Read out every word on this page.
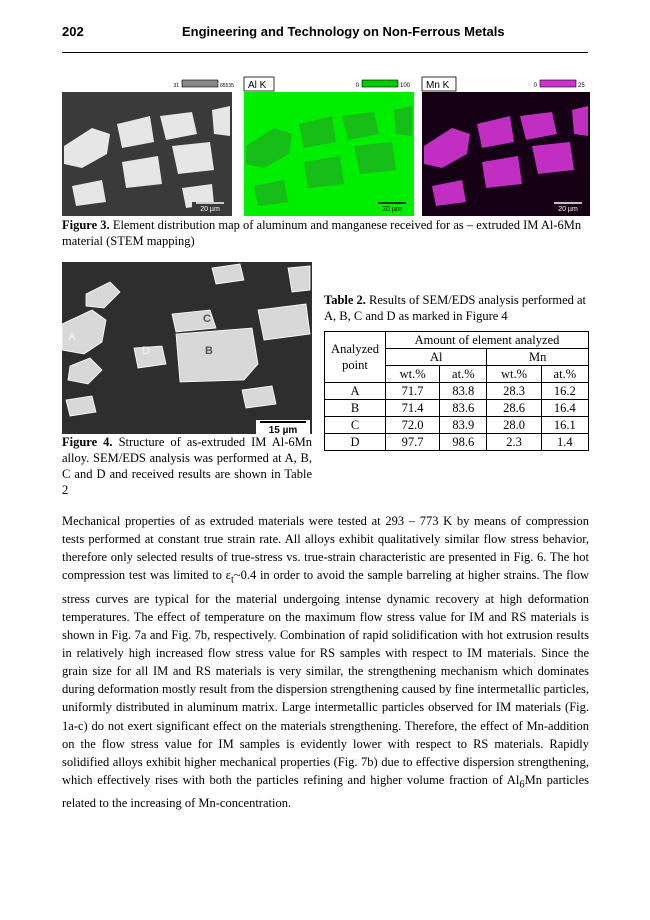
202	Engineering and Technology on Non-Ferrous Metals
31	65535
20 µm
Al K	0	100
20 µm
Mn K	0	25
20 µm
Figure 3. Element distribution map of aluminum and manganese received for as – extruded IM Al-6Mn material (STEM mapping)
A
B
C
D
15 µm
Figure 4. Structure of as-extruded IM Al-6Mn alloy. SEM/EDS analysis was performed at A, B, C and D and received results are shown in Table 2
Table 2. Results of SEM/EDS analysis performed at A, B, C and D as marked in Figure 4
Analyzed point	Amount of element analyzed			
	Al		Mn	
	wt.%	at.%	wt.%	at.%
A	71.7	83.8	28.3	16.2
B	71.4	83.6	28.6	16.4
C	72.0	83.9	28.0	16.1
D	97.7	98.6	2.3	1.4
Mechanical properties of as extruded materials were tested at 293 – 773 K by means of compression tests performed at constant true strain rate. All alloys exhibit qualitatively similar flow stress behavior, therefore only selected results of true-stress vs. true-strain characteristic are presented in Fig. 6. The hot compression test was limited to $\varepsilon_t\sim 0.4$ in order to avoid the sample barreling at higher strains. The flow stress curves are typical for the material undergoing intense dynamic recovery at high deformation temperatures. The effect of temperature on the maximum flow stress value for IM and RS materials is shown in Fig. 7a and Fig. 7b, respectively. Combination of rapid solidification with hot extrusion results in relatively high increased flow stress value for RS samples with respect to IM materials. Since the grain size for all IM and RS materials is very similar, the strengthening mechanism which dominates during deformation mostly result from the dispersion strengthening caused by fine intermetallic particles, uniformly distributed in aluminum matrix. Large intermetallic particles observed for IM materials (Fig. 1a-c) do not exert significant effect on the materials strengthening. Therefore, the effect of Mn-addition on the flow stress value for IM samples is evidently lower with respect to RS materials. Rapidly solidified alloys exhibit higher mechanical properties (Fig. 7b) due to effective dispersion strengthening, which effectively rises with both the particles refining and higher volume fraction of $Al_6Mn$ particles related to the increasing of Mn-concentration.
